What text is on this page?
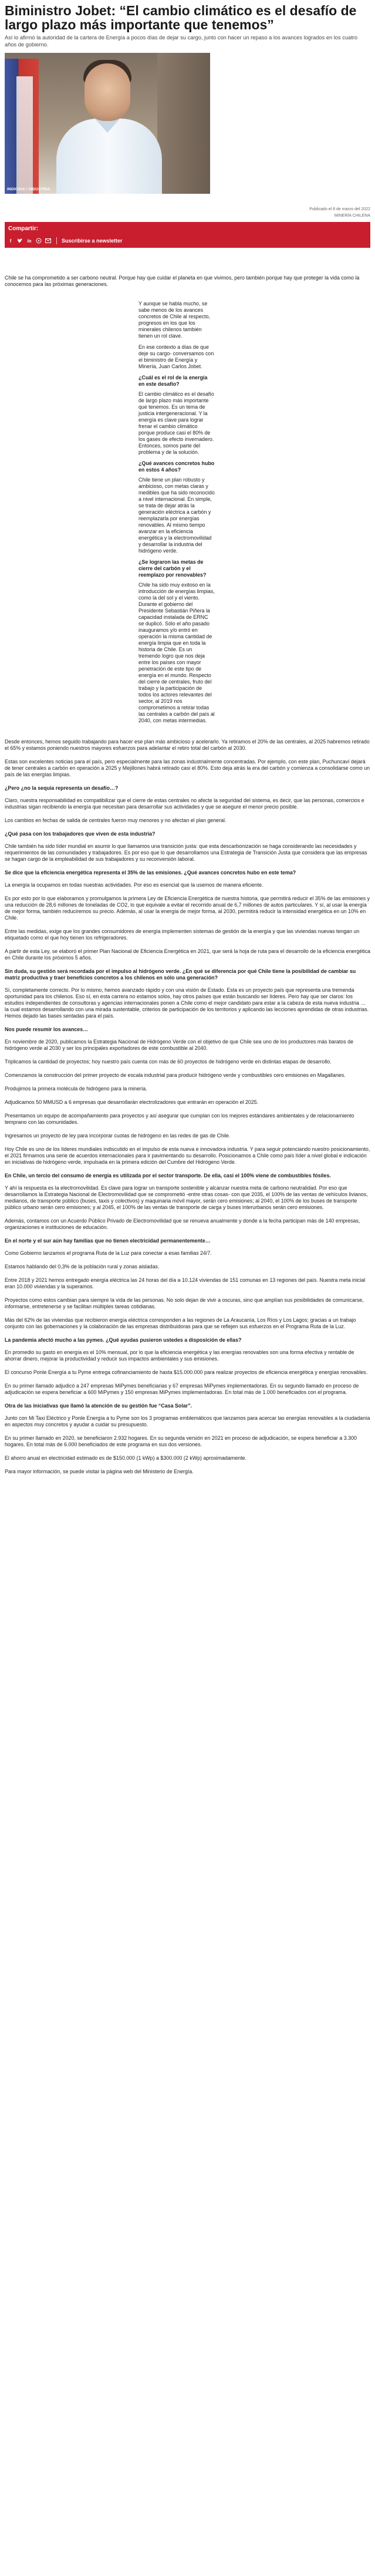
Biministro Jobet: “El cambio climático es el desafío de largo plazo más importante que tenemos”

Así lo afirmó la autoridad de la cartera de Energía a pocos días de dejar su cargo, junto con hacer un repaso a los avances logrados en los cuatro años de gobierno.

INDICIOS / INDUSTRIA
Publicado el 8 de marzo del 2022
MINERÍA CHILENA
Compartir:
f	in	Suscribirse a newsletter

Chile se ha comprometido a ser carbono neutral. Porque hay que cuidar el planeta en que vivimos, pero también porque hay que proteger la vida como la conocemos para las próximas generaciones.

Y aunque se habla mucho, se sabe menos de los avances concretos de Chile al respecto, progresos en los que los minerales chilenos también tienen un rol clave.

En ese contexto a días de que deje su cargo- conversamos con el biministro de Energía y Minería, Juan Carlos Jobet.

¿Cuál es el rol de la energía en este desafío?

El cambio climático es el desafío de largo plazo más importante que tenemos. Es un tema de justicia intergeneracional. Y la energía es clave para lograr frenar el cambio climático porque produce casi el 80% de los gases de efecto invernadero. Entonces, somos parte del problema y de la solución.

¿Qué avances concretos hubo en estos 4 años?

Chile tiene un plan robusto y ambicioso, con metas claras y medibles que ha sido reconocido a nivel internacional. En simple, se trata de dejar atrás la generación eléctrica a carbón y reemplazarla por energías renovables. Al mismo tiempo avanzar en la eficiencia energética y la electromovilidad y desarrollar la industria del hidrógeno verde.

¿Se lograron las metas de cierre del carbón y el reemplazo por renovables?

Chile ha sido muy exitoso en la introducción de energías limpias, como la del sol y el viento. Durante el gobierno del Presidente Sebastián Piñera la capacidad instalada de ERNC se duplicó. Sólo el año pasado inauguramos y/o entró en operación la misma cantidad de energía limpia que en toda la historia de Chile. Es un tremendo logro que nos deja entre los países con mayor penetración de este tipo de energía en el mundo. Respecto del cierre de centrales, fruto del trabajo y la participación de todos los actores relevantes del sector, al 2019 nos comprometimos a retirar todas las centrales a carbón del país al 2040, con metas intermedias.

Desde entonces, hemos seguido trabajando para hacer ese plan más ambicioso y acelerarlo. Ya retiramos el 20% de las centrales, al 2025 habremos retirado el 65% y estamos poniendo nuestros mayores esfuerzos para adelantar el retiro total del carbón al 2030.

Estas son excelentes noticias para el país, pero especialmente para las zonas industrialmente concentradas. Por ejemplo, con este plan, Puchuncaví dejará de tener centrales a carbón en operación a 2025 y Mejillones habrá retirado casi el 80%. Esto deja atrás la era del carbón y comienza a consolidarse como un país de las energías limpias.

¿Pero ¿no la sequía representa un desafío…?

Claro, nuestra responsabilidad es compatibilizar que el cierre de estas centrales no afecte la seguridad del sistema, es decir, que las personas, comercios e industrias sigan recibiendo la energía que necesitan para desarrollar sus actividades y que se asegure el menor precio posible.

Los cambios en fechas de salida de centrales fueron muy menores y no afectan el plan general.

¿Qué pasa con los trabajadores que viven de esta industria?

Chile también ha sido líder mundial en asumir lo que llamamos una transición justa: que esta descarbonización se haga considerando las necesidades y requerimientos de las comunidades y trabajadores. Es por eso que lo que desarrollamos una Estrategia de Transición Justa que considera que las empresas se hagan cargo de la empleabilidad de sus trabajadores y su reconversión laboral.

Se dice que la eficiencia energética representa el 35% de las emisiones. ¿Qué avances concretos hubo en este tema?

La energía la ocupamos en todas nuestras actividades. Por eso es esencial que la usemos de manera eficiente.

Es por esto por lo que elaboramos y promulgamos la primera Ley de Eficiencia Energética de nuestra historia, que permitirá reducir el 35% de las emisiones y una reducción de 28,6 millones de toneladas de CO2, lo que equivale a evitar el recorrido anual de 6,7 millones de autos particulares. Y sí, al usar la energía de mejor forma, también reduciremos su precio. Además, al usar la energía de mejor forma, al 2030, permitirá reducir la intensidad energética en un 10% en Chile.

Entre las medidas, exige que los grandes consumidores de energía implementen sistemas de gestión de la energía y que las viviendas nuevas tengan un etiquetado como el que hoy tienen los refrigeradores.

A partir de esta Ley, se elaboró el primer Plan Nacional de Eficiencia Energética en 2021, que será la hoja de ruta para el desarrollo de la eficiencia energética en Chile durante los próximos 5 años.

Sin duda, su gestión será recordada por el impulso al hidrógeno verde. ¿En qué se diferencia por qué Chile tiene la posibilidad de cambiar su matriz productiva y traer beneficios concretos a los chilenos en sólo una generación?

Sí, completamente correcto. Por lo mismo, hemos avanzado rápido y con una visión de Estado. Esta es un proyecto país que representa una tremenda oportunidad para los chilenos. Eso sí, en esta carrera no estamos solos, hay otros países que están buscando ser líderes. Pero hay que ser claros: los estudios independientes de consultoras y agencias internacionales ponen a Chile como el mejor candidato para estar a la cabeza de esta nueva industria … la cual estamos desarrollando con una mirada sustentable, criterios de participación de los territorios y aplicando las lecciones aprendidas de otras industrias. Hemos dejado las bases sentadas para el país.

Nos puede resumir los avances…

En noviembre de 2020, publicamos la Estrategia Nacional de Hidrógeno Verde con el objetivo de que Chile sea uno de los productores más baratos de hidrógeno verde al 2030 y ser los principales exportadores de este combustible al 2040.

Triplicamos la cantidad de proyectos; hoy nuestro país cuenta con más de 60 proyectos de hidrógeno verde en distintas etapas de desarrollo.

Comenzamos la construcción del primer proyecto de escala industrial para producir hidrógeno verde y combustibles cero emisiones en Magallanes.

Produjimos la primera molécula de hidrógeno para la minería.

Adjudicamos 50 MMUSD a 6 empresas que desarrollarán electrolizadores que entrarán en operación el 2025.

Presentamos un equipo de acompañamiento para proyectos y así asegurar que cumplan con los mejores estándares ambientales y de relacionamiento temprano con las comunidades.

Ingresamos un proyecto de ley para incorporar cuotas de hidrógeno en las redes de gas de Chile.

Hoy Chile es uno de los líderes mundiales indiscutido en el impulso de esta nueva e innovadora industria. Y para seguir potenciando nuestro posicionamiento, el 2021 firmamos una serie de acuerdos internacionales para ir pavimentando su desarrollo. Posicionamos a Chile como país líder a nivel global e indicación en iniciativas de hidrógeno verde, impulsada en la primera edición del Cumbre del Hidrógeno Verde.

En Chile, un tercio del consumo de energía es utilizada por el sector transporte. De ella, casi el 100% viene de combustibles fósiles.

Y ahí la respuesta es la electromovilidad. Es clave para lograr un transporte sostenible y alcanzar nuestra meta de carbono neutralidad. Por eso que desarrollamos la Estrategia Nacional de Electromovilidad que se comprometió -entre otras cosas- con que 2035, el 100% de las ventas de vehículos livianos, medianos, de transporte público (buses, taxis y colectivos) y maquinaria móvil mayor, serán cero emisiones; al 2040, el 100% de los buses de transporte público urbano serán cero emisiones; y al 2045, el 100% de las ventas de transporte de carga y buses interurbanos serán cero emisiones.

Además, contamos con un Acuerdo Público Privado de Electromovilidad que se renueva anualmente y donde a la fecha participan más de 140 empresas, organizaciones e instituciones de educación.

En el norte y el sur aún hay familias que no tienen electricidad permanentemente…

Como Gobierno lanzamos el programa Ruta de la Luz para conectar a esas familias 24/7.

Estamos hablando del 0,3% de la población rural y zonas aisladas.

Entre 2018 y 2021 hemos entregado energía eléctrica las 24 horas del día a 10.124 viviendas de 151 comunas en 13 regiones del país. Nuestra meta inicial eran 10.000 viviendas y la superamos.

Proyectos como estos cambian para siempre la vida de las personas. No solo dejan de vivir a oscuras, sino que amplían sus posibilidades de comunicarse, informarse, entretenerse y se facilitan múltiples tareas cotidianas.

Más del 62% de las viviendas que recibieron energía eléctrica corresponden a las regiones de La Araucanía, Los Ríos y Los Lagos; gracias a un trabajo conjunto con las gobernaciones y la colaboración de las empresas distribuidoras para que se reflejen sus esfuerzos en el Programa Ruta de la Luz.

La pandemia afectó mucho a las pymes. ¿Qué ayudas pusieron ustedes a disposición de ellas?

En promedio su gasto en energía es el 10% mensual, por lo que la eficiencia energética y las energías renovables son una forma efectiva y rentable de ahorrar dinero, mejorar la productividad y reducir sus impactos ambientales y sus emisiones.

El concurso Ponle Energía a tu Pyme entrega cofinanciamiento de hasta $15.000.000 para realizar proyectos de eficiencia energética y energías renovables.

En su primer llamado adjudicó a 247 empresas MiPymes beneficiarias y 67 empresas MiPymes implementadoras. En su segundo llamado en proceso de adjudicación se espera beneficiar a 600 MiPymes y 150 empresas MiPymes implementadoras. En total más de 1.000 beneficiados con el programa.

Otra de las iniciativas que llamó la atención de su gestión fue “Casa Solar”.

Junto con Mi Taxi Eléctrico y Ponle Energía a tu Pyme son los 3 programas emblemáticos que lanzamos para acercar las energías renovables a la ciudadanía en aspectos muy concretos y ayudar a cuidar su presupuesto.

En su primer llamado en 2020, se beneficiaron 2.932 hogares. En su segunda versión en 2021 en proceso de adjudicación, se espera beneficiar a 3.300 hogares. En total más de 6.000 beneficiados de este programa en sus dos versiones.

El ahorro anual en electricidad estimado es de $150.000 (1 kWp) a $300.000 (2 kWp) aproximadamente.

Para mayor información, se puede visitar la página web del Ministerio de Energía.
